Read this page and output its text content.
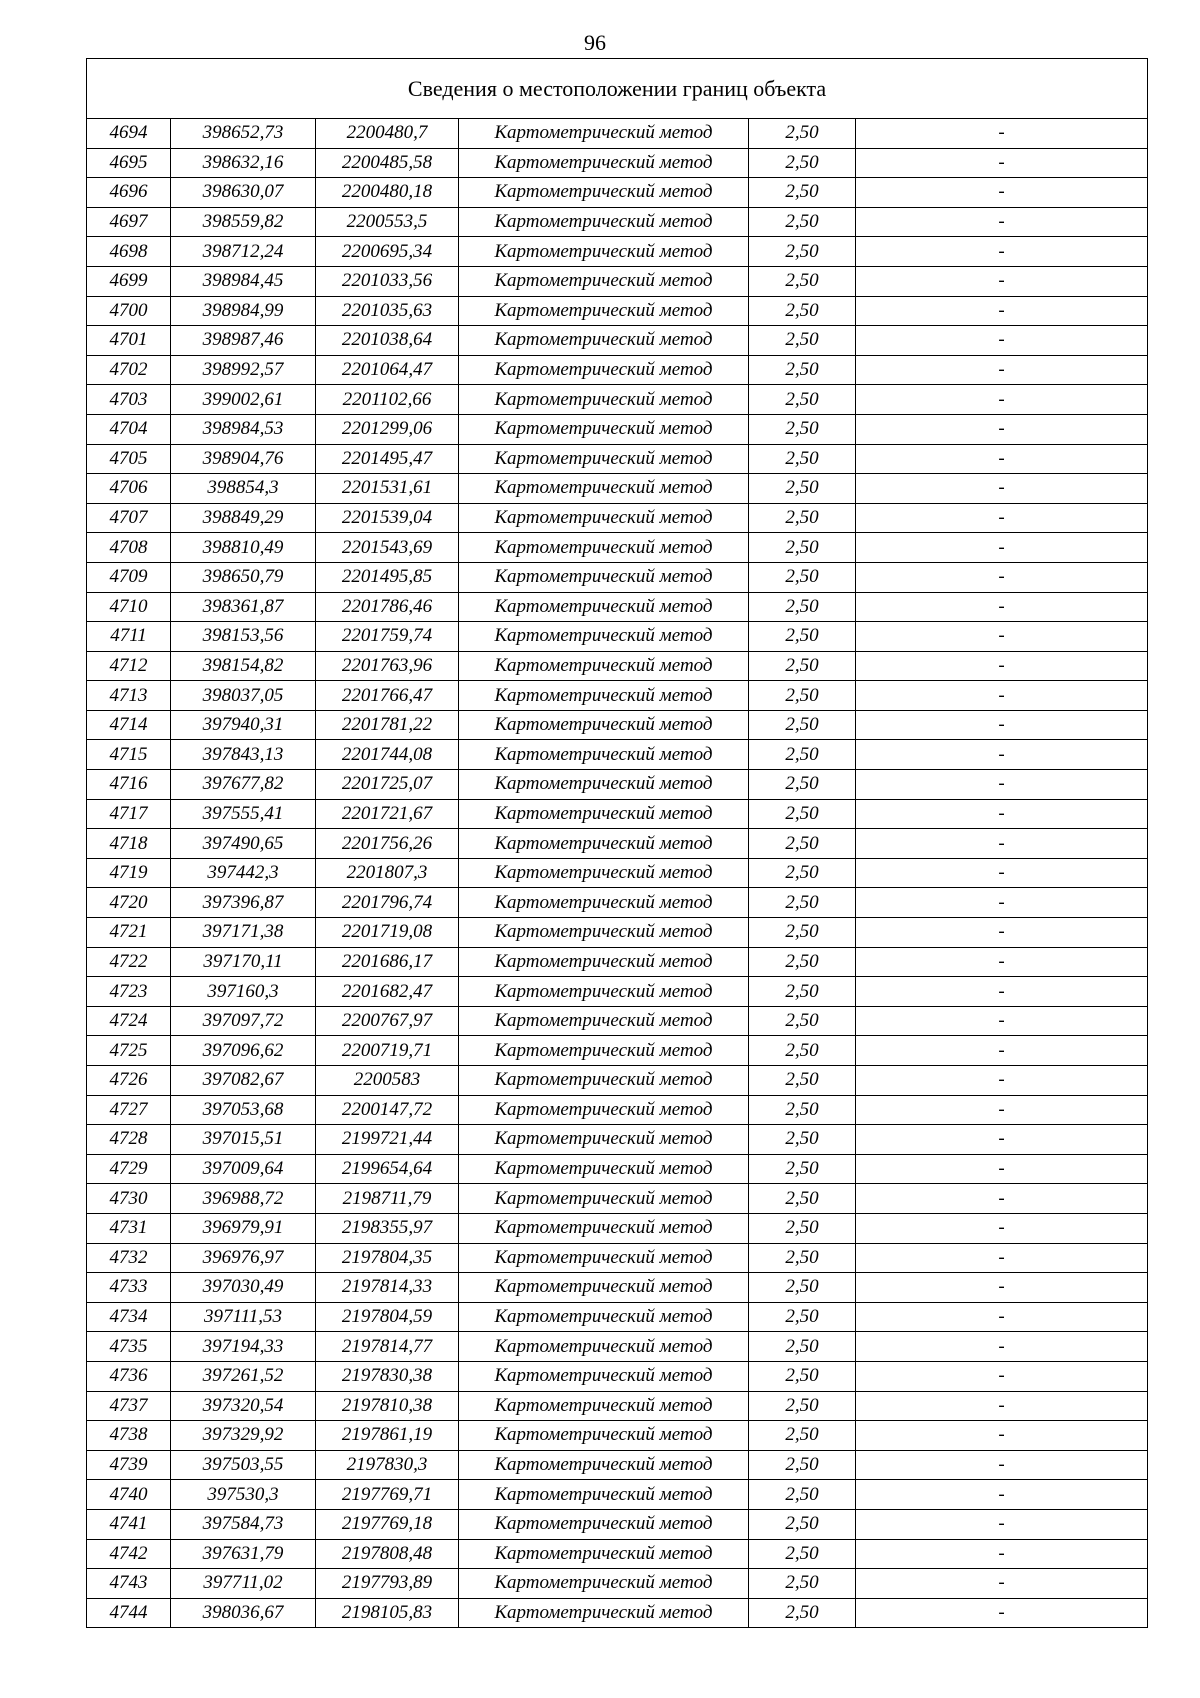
96
Сведения о местоположении границ объекта					
4694	398652,73	2200480,7	Картометрический метод	2,50	-
4695	398632,16	2200485,58	Картометрический метод	2,50	-
4696	398630,07	2200480,18	Картометрический метод	2,50	-
4697	398559,82	2200553,5	Картометрический метод	2,50	-
4698	398712,24	2200695,34	Картометрический метод	2,50	-
4699	398984,45	2201033,56	Картометрический метод	2,50	-
4700	398984,99	2201035,63	Картометрический метод	2,50	-
4701	398987,46	2201038,64	Картометрический метод	2,50	-
4702	398992,57	2201064,47	Картометрический метод	2,50	-
4703	399002,61	2201102,66	Картометрический метод	2,50	-
4704	398984,53	2201299,06	Картометрический метод	2,50	-
4705	398904,76	2201495,47	Картометрический метод	2,50	-
4706	398854,3	2201531,61	Картометрический метод	2,50	-
4707	398849,29	2201539,04	Картометрический метод	2,50	-
4708	398810,49	2201543,69	Картометрический метод	2,50	-
4709	398650,79	2201495,85	Картометрический метод	2,50	-
4710	398361,87	2201786,46	Картометрический метод	2,50	-
4711	398153,56	2201759,74	Картометрический метод	2,50	-
4712	398154,82	2201763,96	Картометрический метод	2,50	-
4713	398037,05	2201766,47	Картометрический метод	2,50	-
4714	397940,31	2201781,22	Картометрический метод	2,50	-
4715	397843,13	2201744,08	Картометрический метод	2,50	-
4716	397677,82	2201725,07	Картометрический метод	2,50	-
4717	397555,41	2201721,67	Картометрический метод	2,50	-
4718	397490,65	2201756,26	Картометрический метод	2,50	-
4719	397442,3	2201807,3	Картометрический метод	2,50	-
4720	397396,87	2201796,74	Картометрический метод	2,50	-
4721	397171,38	2201719,08	Картометрический метод	2,50	-
4722	397170,11	2201686,17	Картометрический метод	2,50	-
4723	397160,3	2201682,47	Картометрический метод	2,50	-
4724	397097,72	2200767,97	Картометрический метод	2,50	-
4725	397096,62	2200719,71	Картометрический метод	2,50	-
4726	397082,67	2200583	Картометрический метод	2,50	-
4727	397053,68	2200147,72	Картометрический метод	2,50	-
4728	397015,51	2199721,44	Картометрический метод	2,50	-
4729	397009,64	2199654,64	Картометрический метод	2,50	-
4730	396988,72	2198711,79	Картометрический метод	2,50	-
4731	396979,91	2198355,97	Картометрический метод	2,50	-
4732	396976,97	2197804,35	Картометрический метод	2,50	-
4733	397030,49	2197814,33	Картометрический метод	2,50	-
4734	397111,53	2197804,59	Картометрический метод	2,50	-
4735	397194,33	2197814,77	Картометрический метод	2,50	-
4736	397261,52	2197830,38	Картометрический метод	2,50	-
4737	397320,54	2197810,38	Картометрический метод	2,50	-
4738	397329,92	2197861,19	Картометрический метод	2,50	-
4739	397503,55	2197830,3	Картометрический метод	2,50	-
4740	397530,3	2197769,71	Картометрический метод	2,50	-
4741	397584,73	2197769,18	Картометрический метод	2,50	-
4742	397631,79	2197808,48	Картометрический метод	2,50	-
4743	397711,02	2197793,89	Картометрический метод	2,50	-
4744	398036,67	2198105,83	Картометрический метод	2,50	-
